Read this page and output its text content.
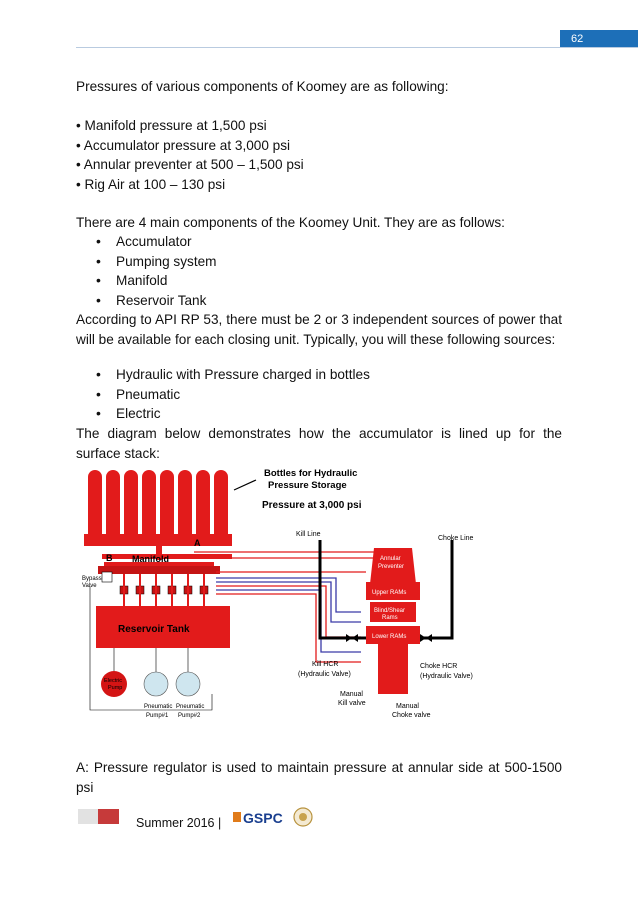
62

Pressures of various components of Koomey are as following:

• Manifold pressure at 1,500 psi
• Accumulator pressure at 3,000 psi
• Annular preventer at 500 – 1,500 psi
• Rig Air at 100 – 130 psi

There are 4 main components of the Koomey Unit. They are as follows:

• Accumulator
• Pumping system
• Manifold
• Reservoir Tank

According to API RP 53, there must be 2 or 3 independent sources of power that will be available for each closing unit. Typically, you will these following sources:

• Hydraulic with Pressure charged in bottles
• Pneumatic
• Electric

The diagram below demonstrates how the accumulator is lined up for the surface stack:

Bottles for Hydraulic
Pressure Storage
Pressure at 3,000 psi
Manifold
B
A
Bypass
Valve
Reservoir Tank
Kill Line
Choke Line
Annular
Preventer
Upper RAMs
Blind/Shear
Rams
Lower RAMs
Kill HCR
(Hydraulic Valve)
Choke HCR
(Hydraulic Valve)
Manual
Kill valve	Manual
Choke valve
Electric
Pump
Pneumatic
Pump#1
Pneumatic
Pump#2

A: Pressure regulator is used to maintain pressure at annular side at 500-1500 psi

Summer 2016 | GSPC
